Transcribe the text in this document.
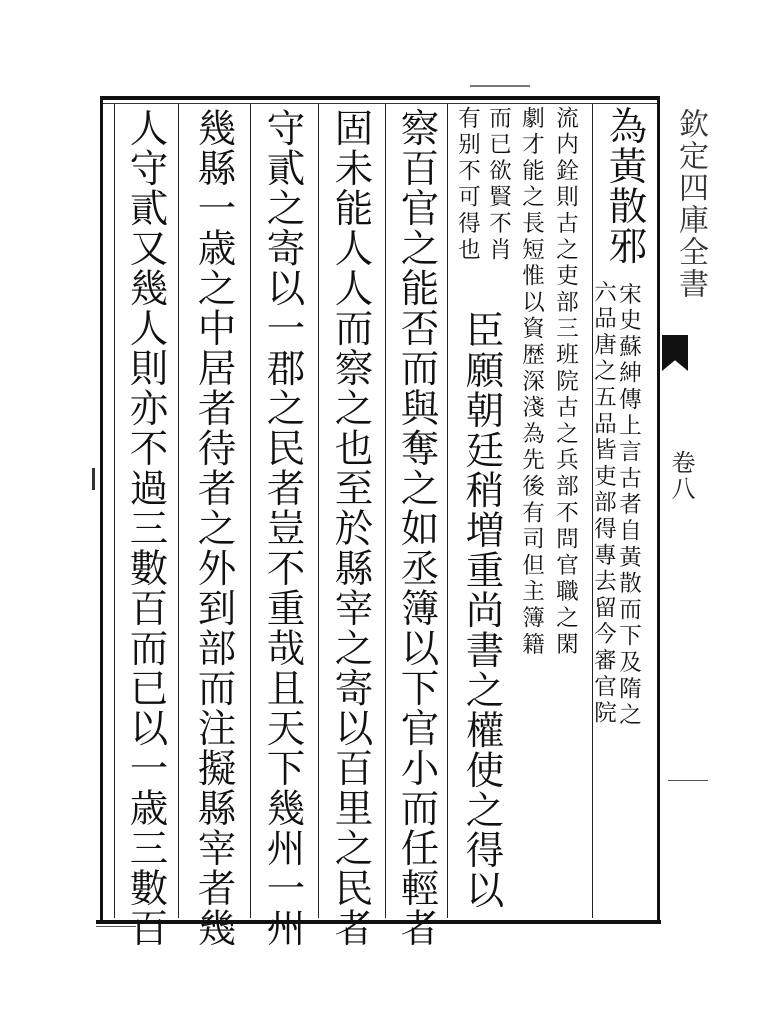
欽定四庫全書
卷八
為黃散邪
宋史蘇紳傳上言古者自黃散而下及隋之
六品唐之五品皆吏部得專去留今審官院
流内銓則古之吏部三班院古之兵部不問官職之閑
劇才能之長短惟以資歴深淺為先後有司但主簿籍
而已欲賢不肖
有别不可得也
臣願朝廷稍増重尚書之權使之得以
察百官之能否而與奪之如丞簿以下官小而任輕者
固未能人人而察之也至於縣宰之寄以百里之民者
守貳之寄以一郡之民者豈不重哉且天下幾州一州
幾縣一歳之中居者待者之外到部而注擬縣宰者幾
人守貳又幾人則亦不過三數百而已以一歳三數百
